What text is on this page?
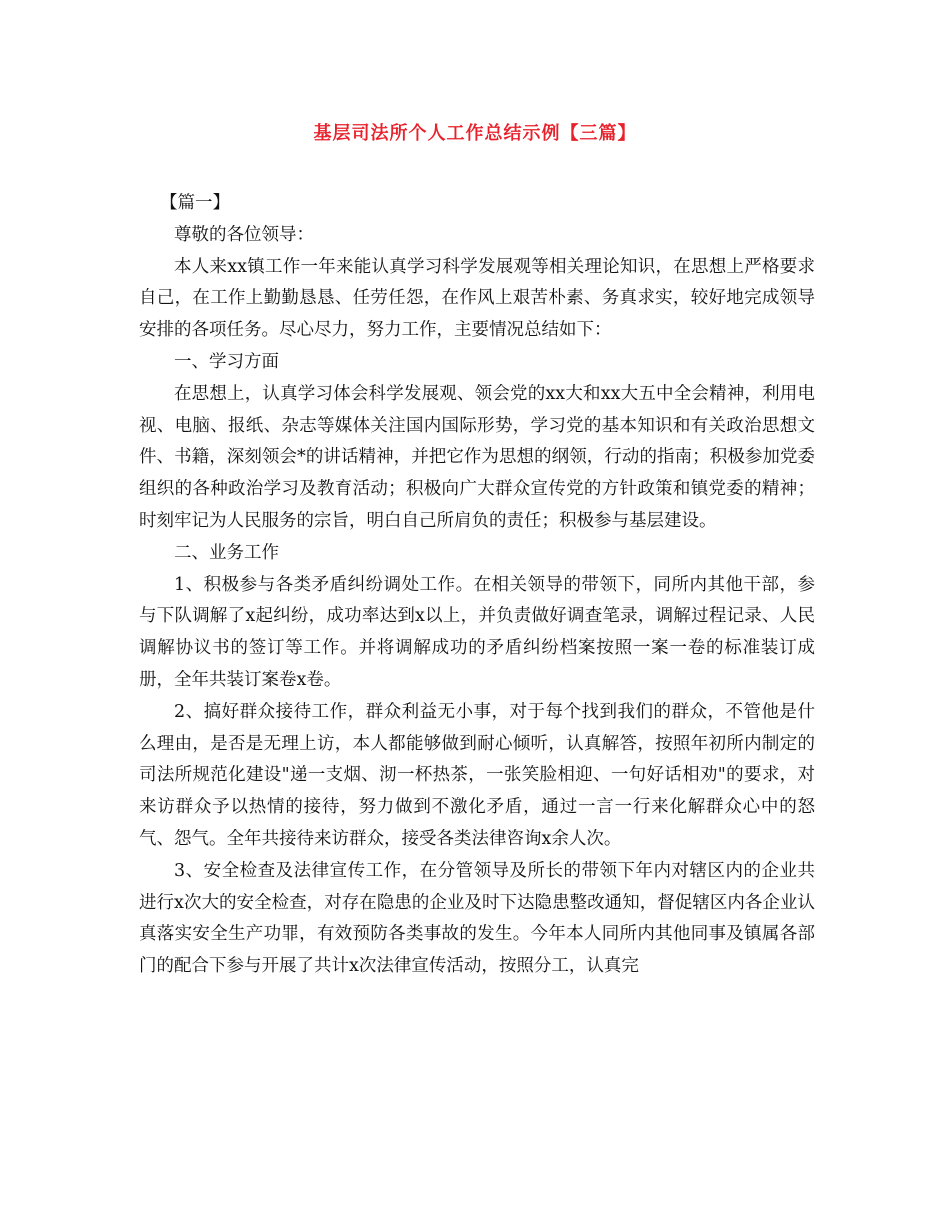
基层司法所个人工作总结示例【三篇】

【篇一】

尊敬的各位领导：

本人来xx镇工作一年来能认真学习科学发展观等相关理论知识，在思想上严格要求自己，在工作上勤勤恳恳、任劳任怨，在作风上艰苦朴素、务真求实，较好地完成领导安排的各项任务。尽心尽力，努力工作，主要情况总结如下：

一、学习方面

在思想上，认真学习体会科学发展观、领会党的xx大和xx大五中全会精神，利用电视、电脑、报纸、杂志等媒体关注国内国际形势，学习党的基本知识和有关政治思想文件、书籍，深刻领会*的讲话精神，并把它作为思想的纲领，行动的指南；积极参加党委组织的各种政治学习及教育活动；积极向广大群众宣传党的方针政策和镇党委的精神；时刻牢记为人民服务的宗旨，明白自己所肩负的责任；积极参与基层建设。

二、业务工作

1、积极参与各类矛盾纠纷调处工作。在相关领导的带领下，同所内其他干部，参与下队调解了x起纠纷，成功率达到x以上，并负责做好调查笔录，调解过程记录、人民调解协议书的签订等工作。并将调解成功的矛盾纠纷档案按照一案一卷的标准装订成册，全年共装订案卷x卷。

2、搞好群众接待工作，群众利益无小事，对于每个找到我们的群众，不管他是什么理由，是否是无理上访，本人都能够做到耐心倾听，认真解答，按照年初所内制定的司法所规范化建设"递一支烟、沏一杯热茶，一张笑脸相迎、一句好话相劝"的要求，对来访群众予以热情的接待，努力做到不激化矛盾，通过一言一行来化解群众心中的怒气、怨气。全年共接待来访群众，接受各类法律咨询x余人次。

3、安全检查及法律宣传工作，在分管领导及所长的带领下年内对辖区内的企业共进行x次大的安全检查，对存在隐患的企业及时下达隐患整改通知，督促辖区内各企业认真落实安全生产功罪，有效预防各类事故的发生。今年本人同所内其他同事及镇属各部门的配合下参与开展了共计x次法律宣传活动，按照分工，认真完
